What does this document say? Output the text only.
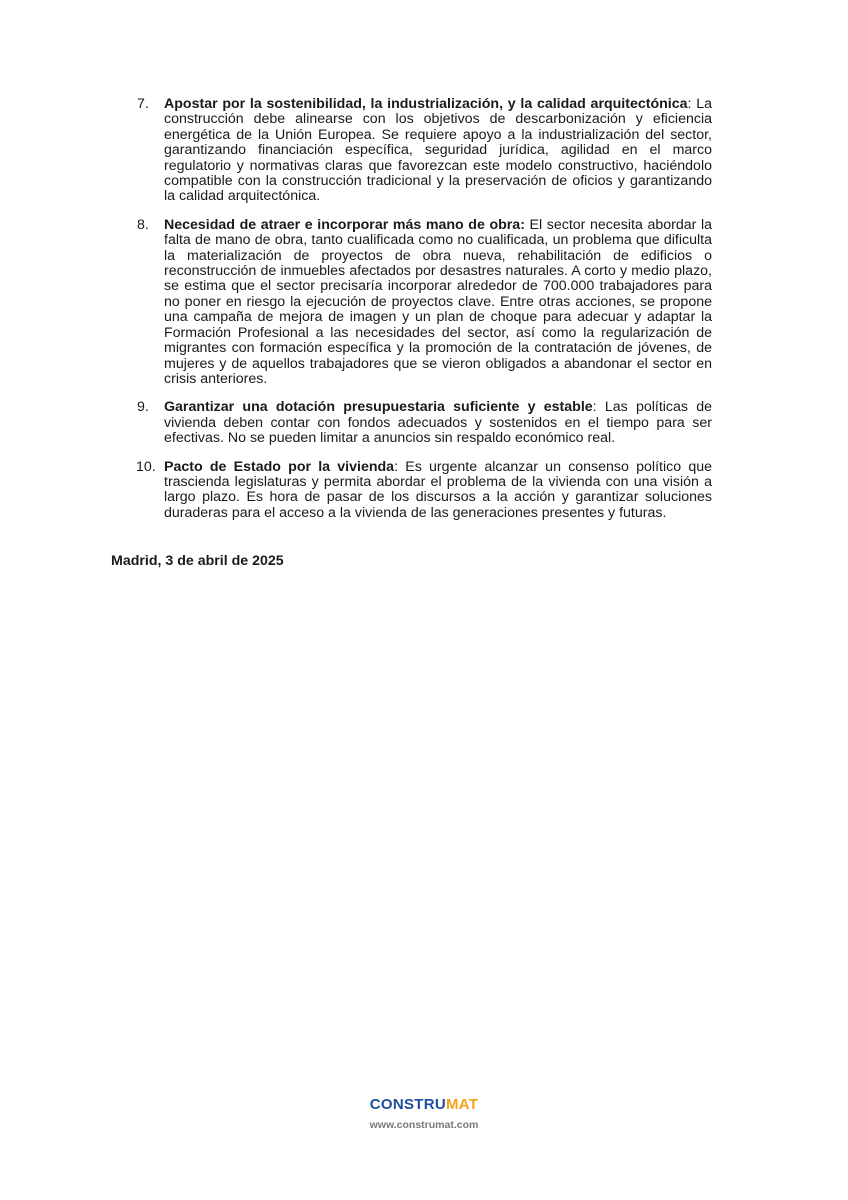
7.	Apostar por la sostenibilidad, la industrialización, y la calidad arquitectónica: La construcción debe alinearse con los objetivos de descarbonización y eficiencia energética de la Unión Europea. Se requiere apoyo a la industrialización del sector, garantizando financiación específica, seguridad jurídica, agilidad en el marco regulatorio y normativas claras que favorezcan este modelo constructivo, haciéndolo compatible con la construcción tradicional y la preservación de oficios y garantizando la calidad arquitectónica.
8.	Necesidad de atraer e incorporar más mano de obra: El sector necesita abordar la falta de mano de obra, tanto cualificada como no cualificada, un problema que dificulta la materialización de proyectos de obra nueva, rehabilitación de edificios o reconstrucción de inmuebles afectados por desastres naturales. A corto y medio plazo, se estima que el sector precisaría incorporar alrededor de 700.000 trabajadores para no poner en riesgo la ejecución de proyectos clave. Entre otras acciones, se propone una campaña de mejora de imagen y un plan de choque para adecuar y adaptar la Formación Profesional a las necesidades del sector, así como la regularización de migrantes con formación específica y la promoción de la contratación de jóvenes, de mujeres y de aquellos trabajadores que se vieron obligados a abandonar el sector en crisis anteriores.
9.	Garantizar una dotación presupuestaria suficiente y estable: Las políticas de vivienda deben contar con fondos adecuados y sostenidos en el tiempo para ser efectivas. No se pueden limitar a anuncios sin respaldo económico real.
10. Pacto de Estado por la vivienda: Es urgente alcanzar un consenso político que trascienda legislaturas y permita abordar el problema de la vivienda con una visión a largo plazo. Es hora de pasar de los discursos a la acción y garantizar soluciones duraderas para el acceso a la vivienda de las generaciones presentes y futuras.
Madrid, 3 de abril de 2025
CONSTRUMAT
www.construmat.com
